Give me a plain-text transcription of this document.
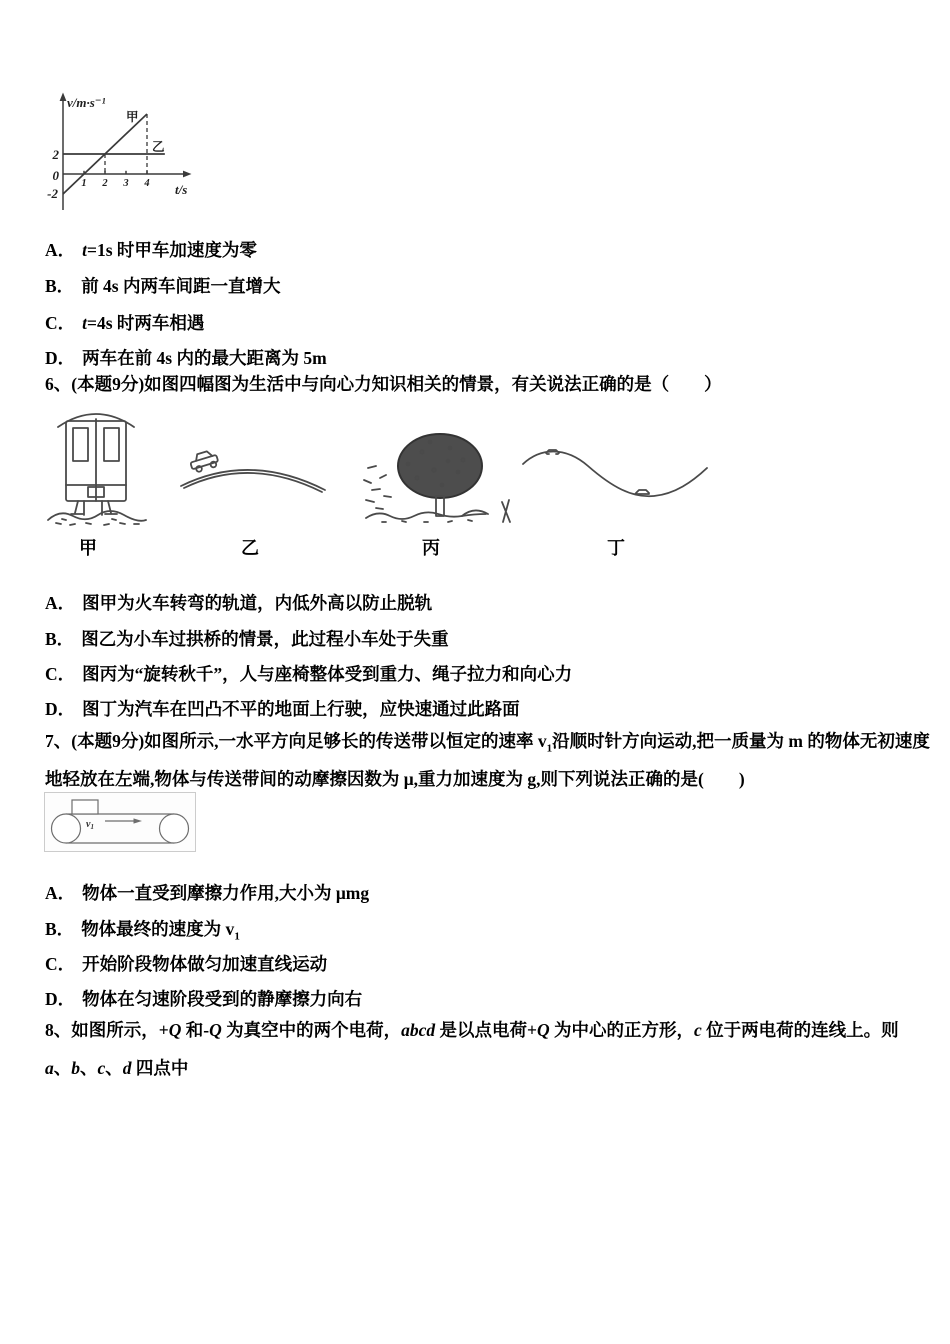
v/m·s⁻¹
t/s
2
0
-2
1 2 3 4
甲
乙
A． t=1s 时甲车加速度为零
B． 前 4s 内两车间距一直增大
C． t=4s 时两车相遇
D． 两车在前 4s 内的最大距离为 5m
6、(本题9分)如图四幅图为生活中与向心力知识相关的情景，有关说法正确的是（　　）
甲	乙	丙	丁
A． 图甲为火车转弯的轨道，内低外高以防止脱轨
B． 图乙为小车过拱桥的情景，此过程小车处于失重
C． 图丙为“旋转秋千”，人与座椅整体受到重力、绳子拉力和向心力
D． 图丁为汽车在凹凸不平的地面上行驶，应快速通过此路面
7、(本题9分)如图所示,一水平方向足够长的传送带以恒定的速率 $v_1$沿顺时针方向运动,把一质量为 m 的物体无初速度
地轻放在左端,物体与传送带间的动摩擦因数为 μ,重力加速度为 g,则下列说法正确的是(　　)
$v_1$
A． 物体一直受到摩擦力作用,大小为 μmg
B． 物体最终的速度为 $v_1$
C． 开始阶段物体做匀加速直线运动
D． 物体在匀速阶段受到的静摩擦力向右
8、如图所示，+Q 和-Q 为真空中的两个电荷，abcd 是以点电荷+Q 为中心的正方形，c 位于两电荷的连线上。则
a、b、c、d 四点中
